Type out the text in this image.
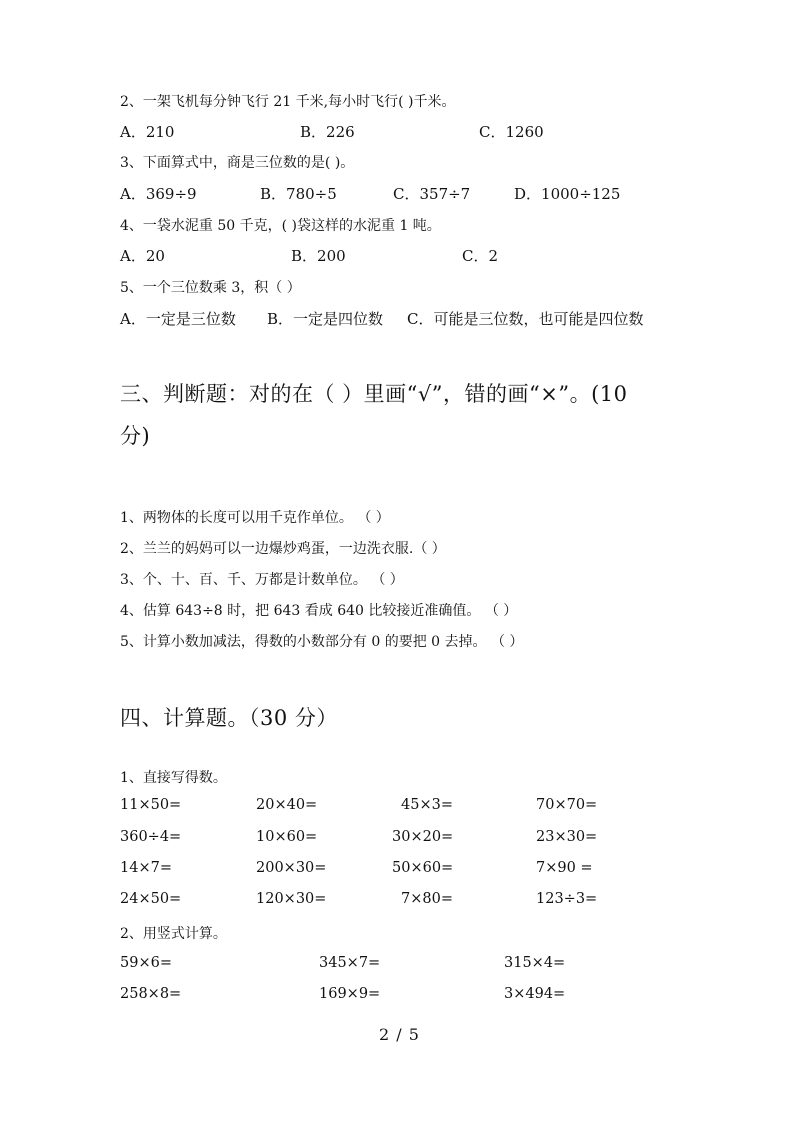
2、一架飞机每分钟飞行 21 千米,每小时飞行( )千米。
A．210	B．226	C．1260
3、下面算式中，商是三位数的是( )。
A．369÷9	B．780÷5	C．357÷7	D．1000÷125
4、一袋水泥重 50 千克，( )袋这样的水泥重 1 吨。
A．20	B．200	C．2
5、一个三位数乘 3，积（ ）
A．一定是三位数 B．一定是四位数 C．可能是三位数，也可能是四位数
三、判断题：对的在（ ）里画“√”，错的画“×”。(10
分)
1、两物体的长度可以用千克作单位。 （ ）
2、兰兰的妈妈可以一边爆炒鸡蛋，一边洗衣服.（ ）
3、个、十、百、千、万都是计数单位。 （ ）
4、估算 643÷8 时，把 643 看成 640 比较接近准确值。 （ ）
5、计算小数加减法，得数的小数部分有 0 的要把 0 去掉。 （ ）
四、计算题。（30 分）
1、直接写得数。
11×50=	20×40=	45×3=	70×70=
360÷4=	10×60=	30×20=	23×30=
14×7=	200×30=	50×60=	7×90 =
24×50=	120×30=	7×80=	123÷3=
2、用竖式计算。
59×6=	345×7=	315×4=
258×8=	169×9=	3×494=
2 / 5
